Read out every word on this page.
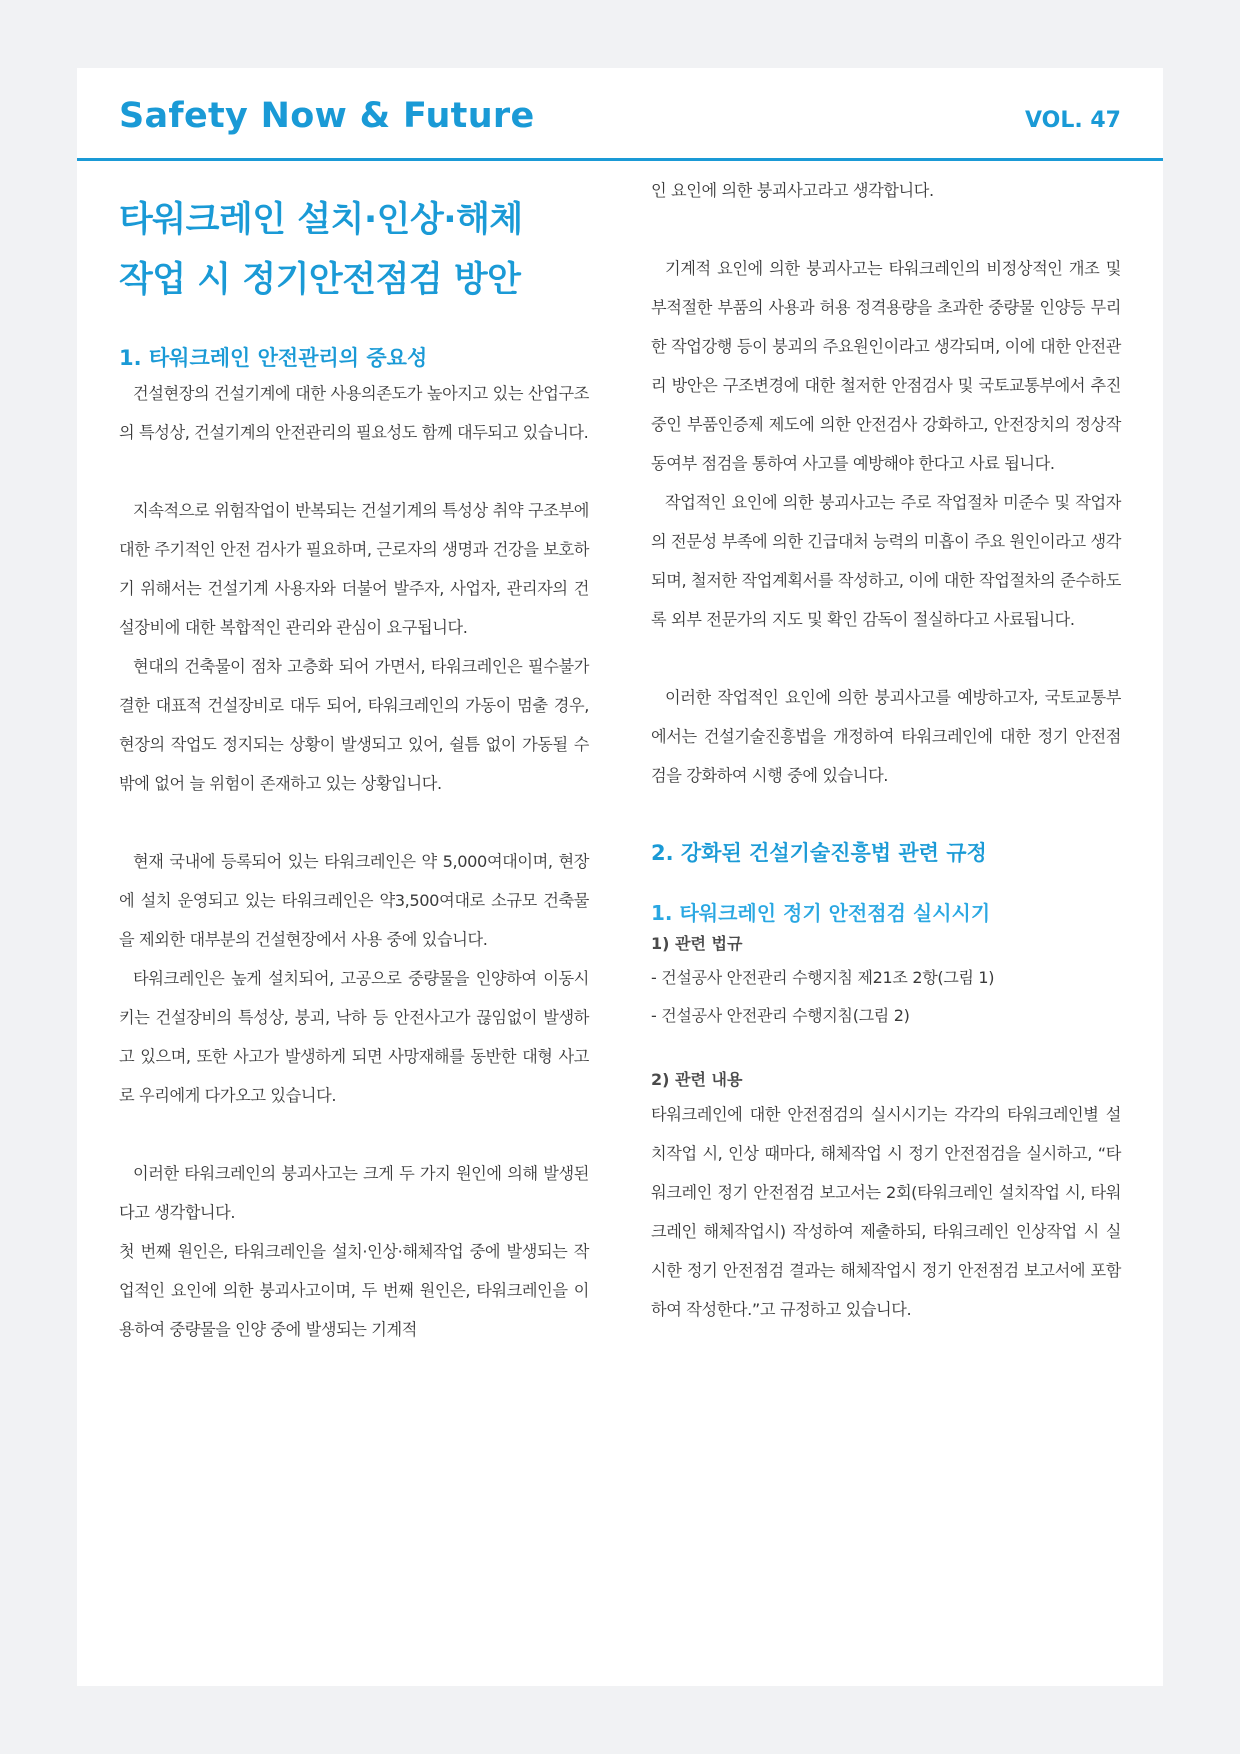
Safety Now & Future	VOL. 47
타워크레인 설치·인상·해체
작업 시 정기안전점검 방안
1. 타워크레인 안전관리의 중요성

건설현장의 건설기계에 대한 사용의존도가 높아지고 있는 산업구조의 특성상, 건설기계의 안전관리의 필요성도 함께 대두되고 있습니다.

지속적으로 위험작업이 반복되는 건설기계의 특성상 취약 구조부에 대한 주기적인 안전 검사가 필요하며, 근로자의 생명과 건강을 보호하기 위해서는 건설기계 사용자와 더불어 발주자, 사업자, 관리자의 건설장비에 대한 복합적인 관리와 관심이 요구됩니다.

현대의 건축물이 점차 고층화 되어 가면서, 타워크레인은 필수불가결한 대표적 건설장비로 대두 되어, 타워크레인의 가동이 멈출 경우, 현장의 작업도 정지되는 상황이 발생되고 있어, 쉴틈 없이 가동될 수밖에 없어 늘 위험이 존재하고 있는 상황입니다.

현재 국내에 등록되어 있는 타워크레인은 약 5,000여대이며, 현장에 설치 운영되고 있는 타워크레인은 약3,500여대로 소규모 건축물을 제외한 대부분의 건설현장에서 사용 중에 있습니다.

타워크레인은 높게 설치되어, 고공으로 중량물을 인양하여 이동시키는 건설장비의 특성상, 붕괴, 낙하 등 안전사고가 끊임없이 발생하고 있으며, 또한 사고가 발생하게 되면 사망재해를 동반한 대형 사고로 우리에게 다가오고 있습니다.

이러한 타워크레인의 붕괴사고는 크게 두 가지 원인에 의해 발생된다고 생각합니다.

첫 번째 원인은, 타워크레인을 설치·인상·해체작업 중에 발생되는 작업적인 요인에 의한 붕괴사고이며, 두 번째 원인은, 타워크레인을 이용하여 중량물을 인양 중에 발생되는 기계적

인 요인에 의한 붕괴사고라고 생각합니다.

기계적 요인에 의한 붕괴사고는 타워크레인의 비정상적인 개조 및 부적절한 부품의 사용과 허용 정격용량을 초과한 중량물 인양등 무리한 작업강행 등이 붕괴의 주요원인이라고 생각되며, 이에 대한 안전관리 방안은 구조변경에 대한 철저한 안점검사 및 국토교통부에서 추진 중인 부품인증제 제도에 의한 안전검사 강화하고, 안전장치의 정상작동여부 점검을 통하여 사고를 예방해야 한다고 사료 됩니다.

작업적인 요인에 의한 붕괴사고는 주로 작업절차 미준수 및 작업자의 전문성 부족에 의한 긴급대처 능력의 미흡이 주요 원인이라고 생각되며, 철저한 작업계획서를 작성하고, 이에 대한 작업절차의 준수하도록 외부 전문가의 지도 및 확인 감독이 절실하다고 사료됩니다.

이러한 작업적인 요인에 의한 붕괴사고를 예방하고자, 국토교통부에서는 건설기술진흥법을 개정하여 타워크레인에 대한 정기 안전점검을 강화하여 시행 중에 있습니다.

2. 강화된 건설기술진흥법 관련 규정
1. 타워크레인 정기 안전점검 실시시기
1) 관련 법규
- 건설공사 안전관리 수행지침 제21조 2항(그림 1)
- 건설공사 안전관리 수행지침(그림 2)
2) 관련 내용

타워크레인에 대한 안전점검의 실시시기는 각각의 타워크레인별 설치작업 시, 인상 때마다, 해체작업 시 정기 안전점검을 실시하고, “타워크레인 정기 안전점검 보고서는 2회(타워크레인 설치작업 시, 타워크레인 해체작업시) 작성하여 제출하되, 타워크레인 인상작업 시 실시한 정기 안전점검 결과는 해체작업시 정기 안전점검 보고서에 포함하여 작성한다.”고 규정하고 있습니다.
